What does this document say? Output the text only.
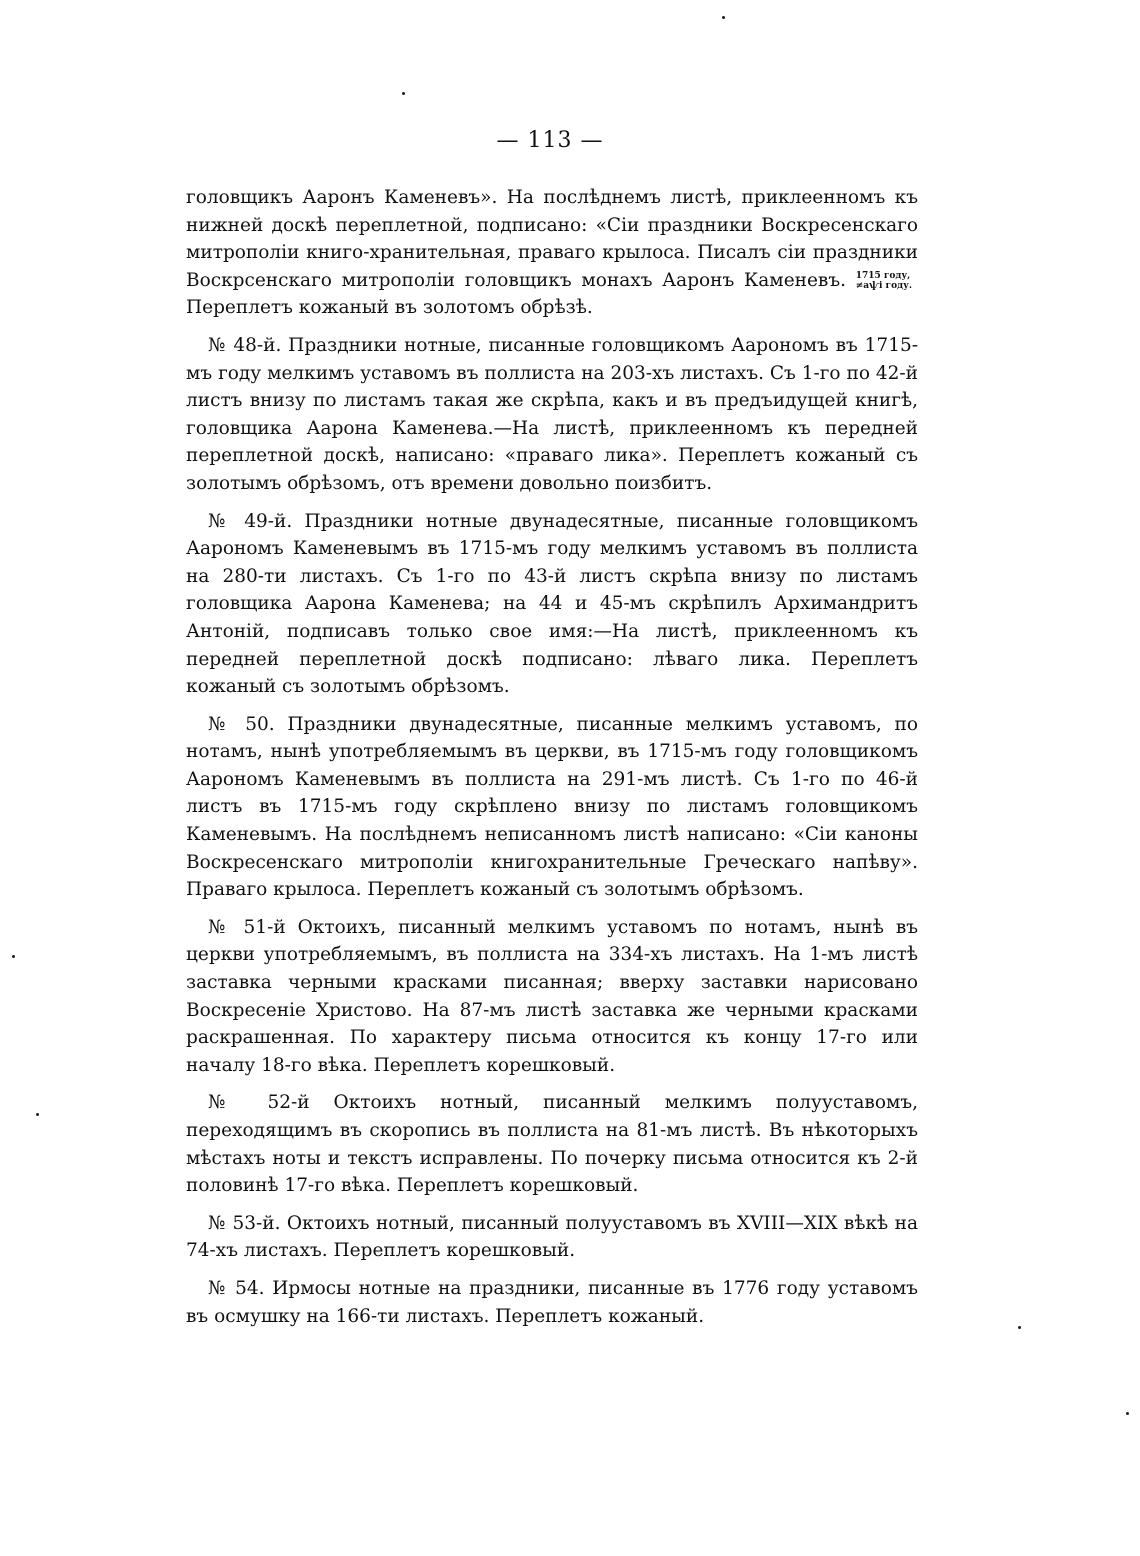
— 113 —

головщикъ Ааронъ Каменевъ». На послѣднемъ листѣ, приклеенномъ къ нижней доскѣ переплетной, подписано: «Сіи праздники Воскресенскаго митрополіи книго-хранительная, праваго крылоса. Писалъ сіи праздники Воскрсенскаго митрополіи головщикъ монахъ Ааронъ Каменевъ. 1715 году,
≠аѱі году.Переплетъ кожаный въ золотомъ обрѣзѣ.

№ 48-й. Праздники нотные, писанные головщикомъ Аарономъ въ 1715-мъ году мелкимъ уставомъ въ поллиста на 203-хъ листахъ. Съ 1-го по 42-й листъ внизу по листамъ такая же скрѣпа, какъ и въ предъидущей книгѣ, головщика Аарона Каменева.—На листѣ, приклеенномъ къ передней переплетной доскѣ, написано: «праваго лика». Переплетъ кожаный съ золотымъ обрѣзомъ, отъ времени довольно поизбитъ.

№ 49-й. Праздники нотные двунадесятные, писанные головщикомъ Аарономъ Каменевымъ въ 1715-мъ году мелкимъ уставомъ въ поллиста на 280-ти листахъ. Съ 1-го по 43-й листъ скрѣпа внизу по листамъ головщика Аарона Каменева; на 44 и 45-мъ скрѣпилъ Архимандритъ Антоній, подписавъ только свое имя:—На листѣ, приклеенномъ къ передней переплетной доскѣ подписано: лѣваго лика. Переплетъ кожаный съ золотымъ обрѣзомъ.

№ 50. Праздники двунадесятные, писанные мелкимъ уставомъ, по нотамъ, нынѣ употребляемымъ въ церкви, въ 1715-мъ году головщикомъ Аарономъ Каменевымъ въ поллиста на 291-мъ листѣ. Съ 1-го по 46-й листъ въ 1715-мъ году скрѣплено внизу по листамъ головщикомъ Каменевымъ. На послѣднемъ неписанномъ листѣ написано: «Сіи каноны Воскресенскаго митрополіи книгохранительные Греческаго напѣву». Праваго крылоса. Переплетъ кожаный съ золотымъ обрѣзомъ.

№ 51-й Октоихъ, писанный мелкимъ уставомъ по нотамъ, нынѣ въ церкви употребляемымъ, въ поллиста на 334-хъ листахъ. На 1-мъ листѣ заставка черными красками писанная; вверху заставки нарисовано Воскресеніе Христово. На 87-мъ листѣ заставка же черными красками раскрашенная. По характеру письма относится къ концу 17-го или началу 18-го вѣка. Переплетъ корешковый.

№ 52-й Октоихъ нотный, писанный мелкимъ полууставомъ, переходящимъ въ скоропись въ поллиста на 81-мъ листѣ. Въ нѣкоторыхъ мѣстахъ ноты и текстъ исправлены. По почерку письма относится къ 2-й половинѣ 17-го вѣка. Переплетъ корешковый.

№ 53-й. Октоихъ нотный, писанный полууставомъ въ XVIII—XIX вѣкѣ на 74-хъ листахъ. Переплетъ корешковый.

№ 54. Ирмосы нотные на праздники, писанные въ 1776 году уставомъ въ осмушку на 166-ти листахъ. Переплетъ кожаный.
